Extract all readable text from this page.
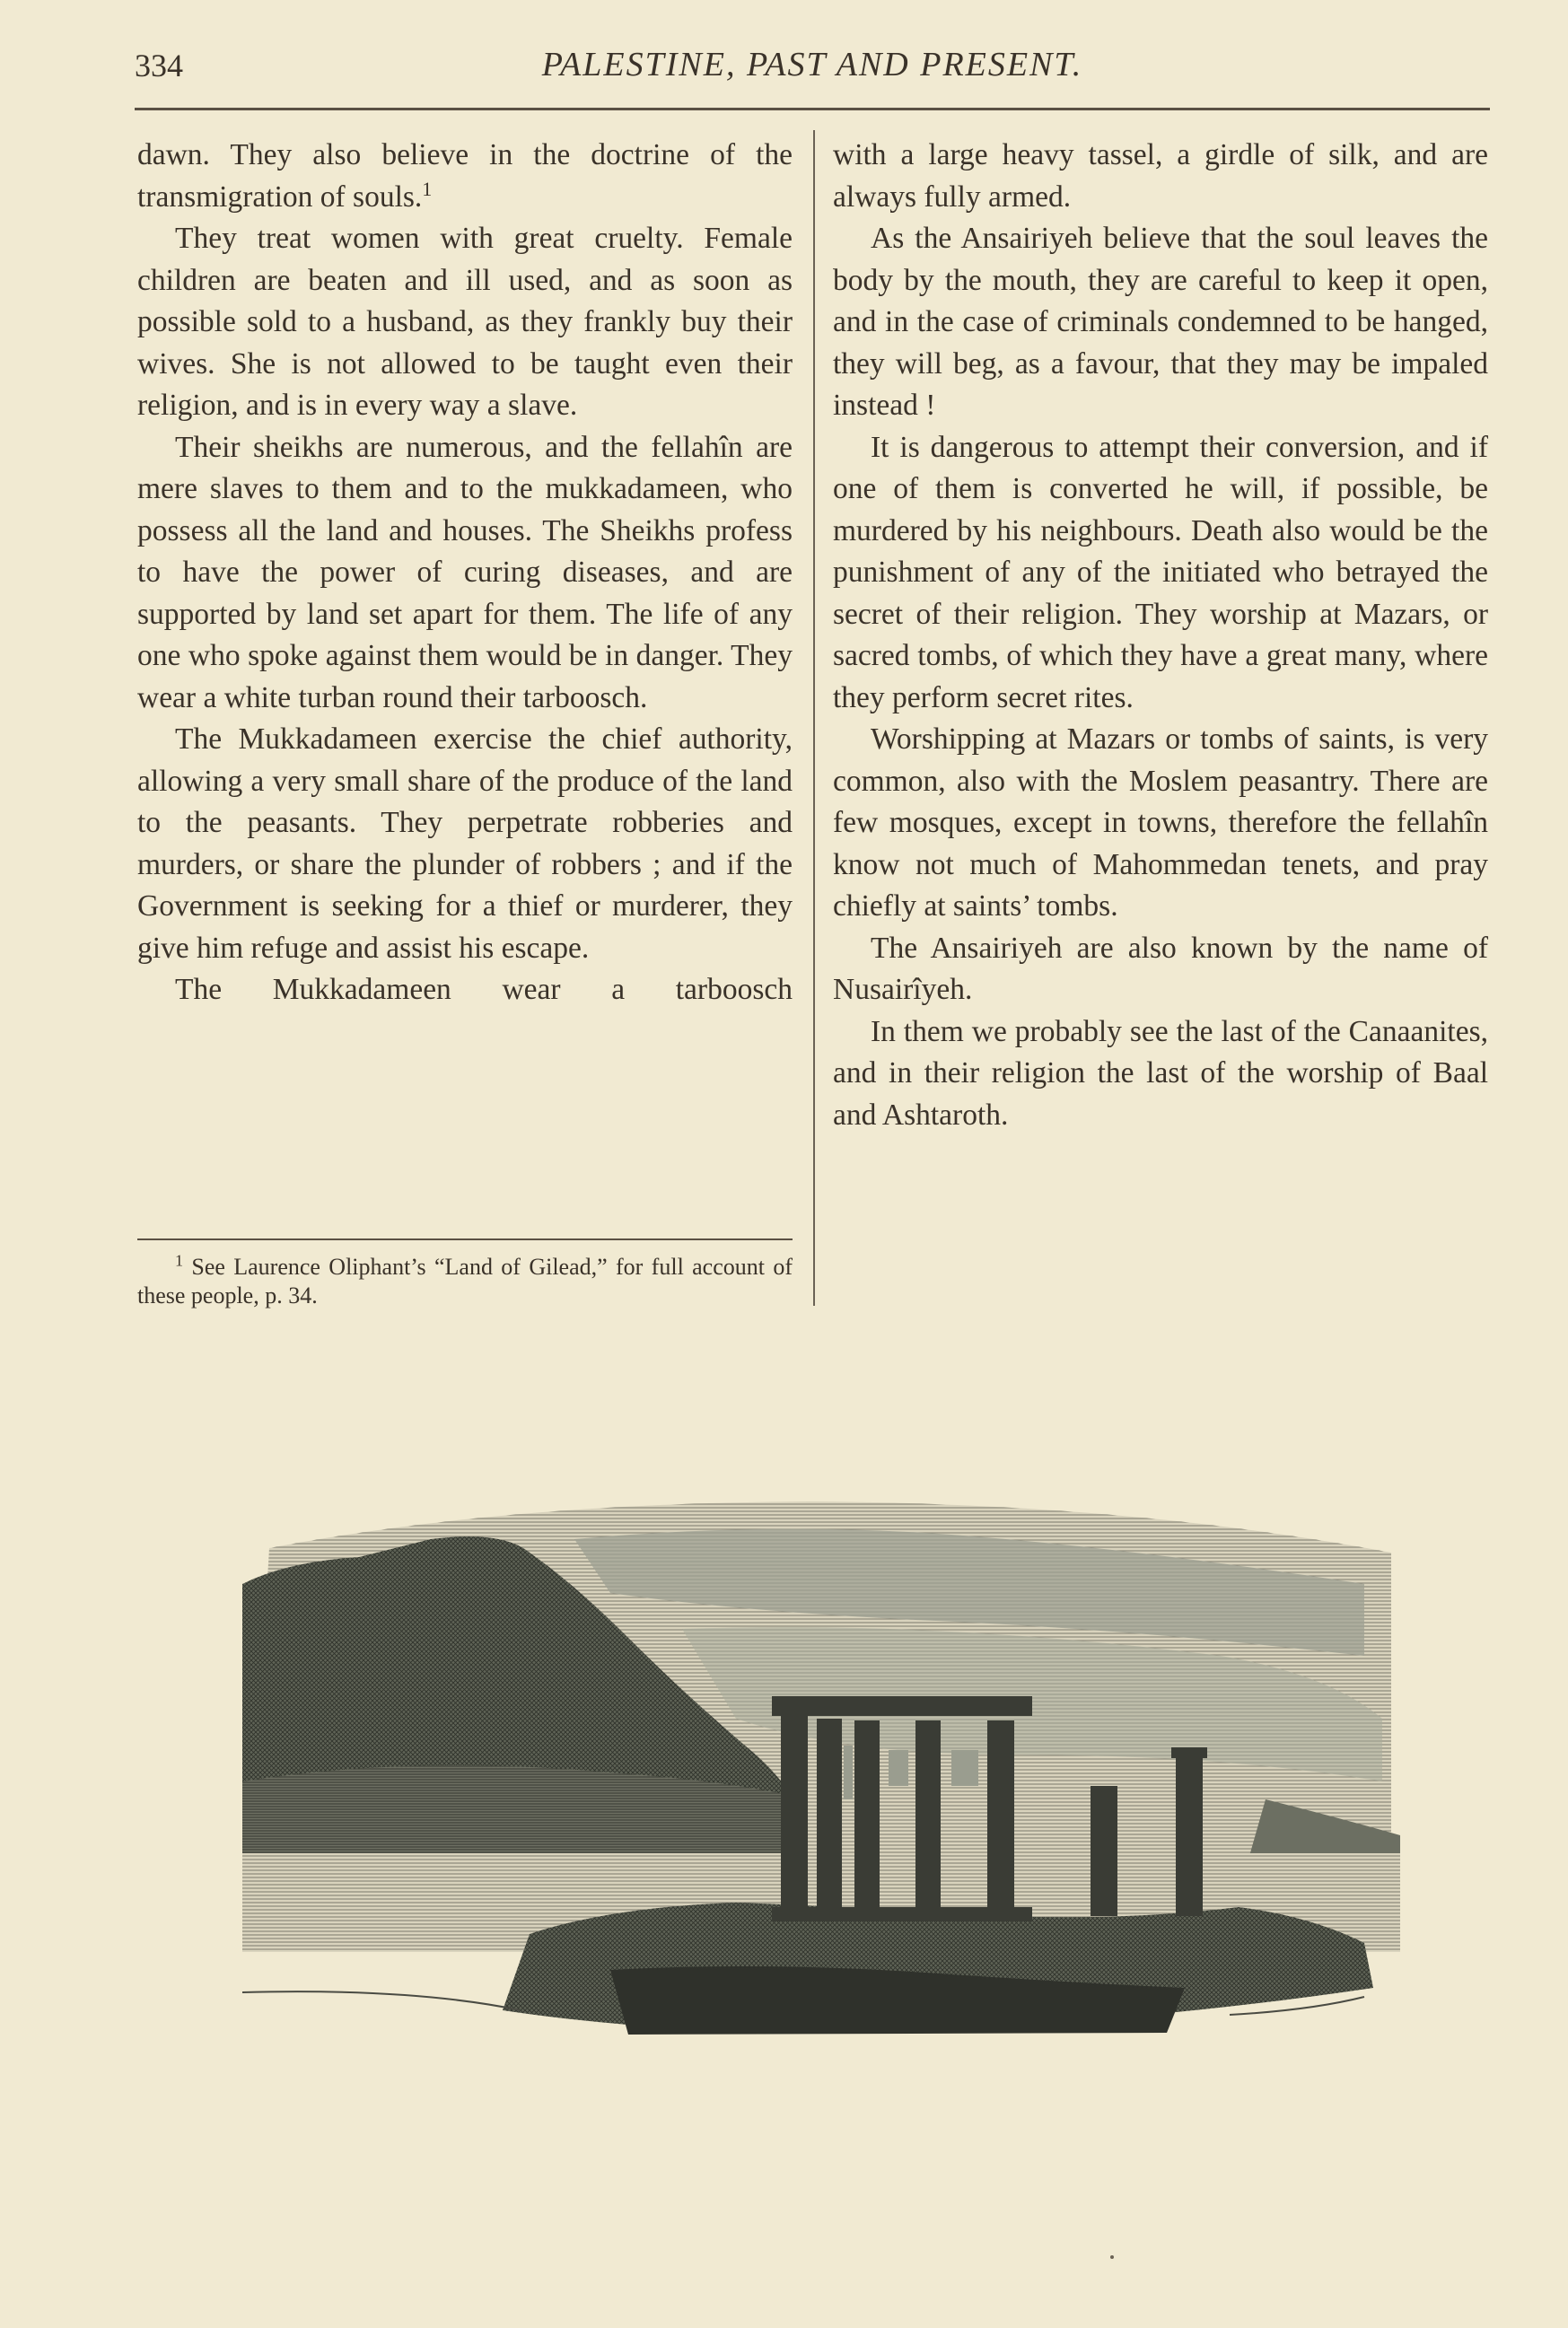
334	PALESTINE, PAST AND PRESENT.

dawn. They also believe in the doctrine of the transmigration of souls.$^1$

They treat women with great cruelty. Female children are beaten and ill used, and as soon as possible sold to a husband, as they frankly buy their wives. She is not allowed to be taught even their religion, and is in every way a slave.

Their sheikhs are numerous, and the fellahîn are mere slaves to them and to the mukkadameen, who possess all the land and houses. The Sheikhs profess to have the power of curing diseases, and are supported by land set apart for them. The life of any one who spoke against them would be in danger. They wear a white turban round their tarboosch.

The Mukkadameen exercise the chief authority, allowing a very small share of the produce of the land to the peasants. They perpetrate robberies and murders, or share the plunder of robbers ; and if the Government is seeking for a thief or murderer, they give him refuge and assist his escape.

The Mukkadameen wear a tarboosch

with a large heavy tassel, a girdle of silk, and are always fully armed.

As the Ansairiyeh believe that the soul leaves the body by the mouth, they are careful to keep it open, and in the case of criminals condemned to be hanged, they will beg, as a favour, that they may be impaled instead !

It is dangerous to attempt their conversion, and if one of them is converted he will, if possible, be murdered by his neighbours. Death also would be the punishment of any of the initiated who betrayed the secret of their religion. They worship at Mazars, or sacred tombs, of which they have a great many, where they perform secret rites.

Worshipping at Mazars or tombs of saints, is very common, also with the Moslem peasantry. There are few mosques, except in towns, therefore the fellahîn know not much of Mahommedan tenets, and pray chiefly at saints’ tombs.

The Ansairiyeh are also known by the name of Nusairîyeh.

In them we probably see the last of the Canaanites, and in their religion the last of the worship of Baal and Ashtaroth.

$^1$ See Laurence Oliphant’s “Land of Gilead,” for full account of these people, p. 34.
